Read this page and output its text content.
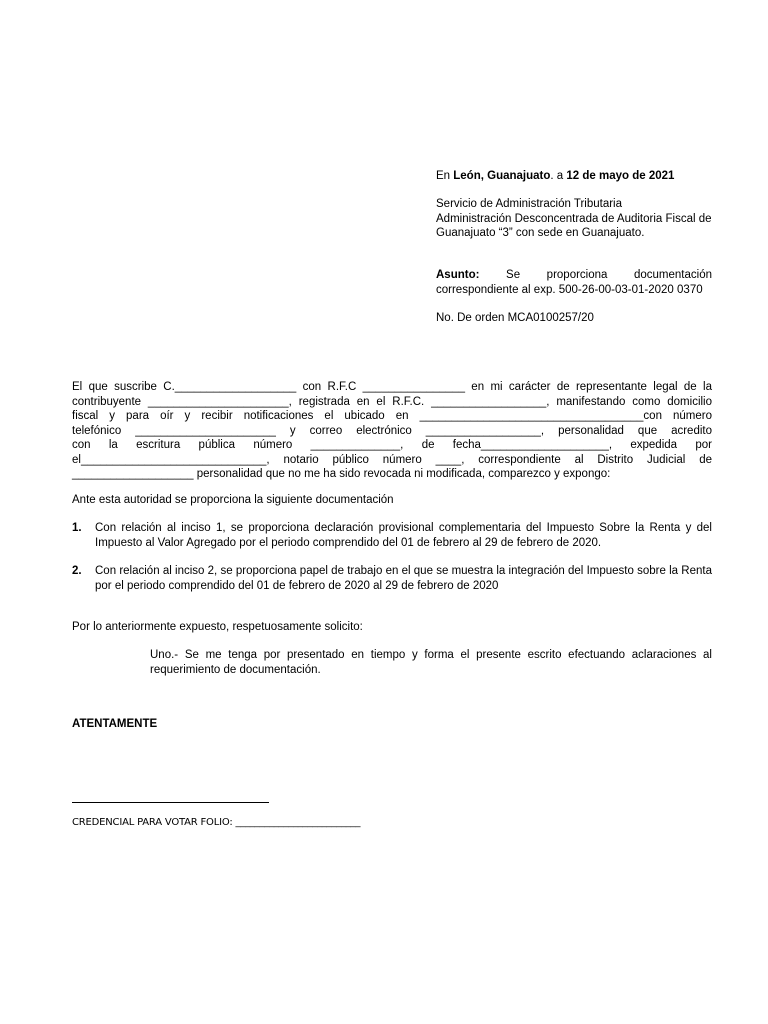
En León, Guanajuato. a 12 de mayo de 2021

Servicio de Administración Tributaria
Administración Desconcentrada de Auditoria Fiscal de
Guanajuato “3” con sede en Guanajuato.

Asunto: Se proporciona documentación correspondiente al exp. 500-26-00-03-01-2020 0370

No. De orden MCA0100257/20

El que suscribe C.___________________ con R.F.C ________________ en mi carácter de representante legal de la
contribuyente ______________________, registrada en el R.F.C. __________________, manifestando como domicilio
fiscal y para oír y recibir notificaciones el ubicado en ___________________________________con número
telefónico ______________________ y correo electrónico __________________, personalidad que acredito
con la escritura pública número ______________, de fecha____________________, expedida por
el_____________________________, notario público número ____, correspondiente al Distrito Judicial de
___________________ personalidad que no me ha sido revocada ni modificada, comparezco y expongo:

Ante esta autoridad se proporciona la siguiente documentación

1. Con relación al inciso 1, se proporciona declaración provisional complementaria del Impuesto Sobre la Renta y del Impuesto al Valor Agregado por el periodo comprendido del 01 de febrero al 29 de febrero de 2020.
2. Con relación al inciso 2, se proporciona papel de trabajo en el que se muestra la integración del Impuesto sobre la Renta por el periodo comprendido del 01 de febrero de 2020 al 29 de febrero de 2020

Por lo anteriormente expuesto, respetuosamente solicito:

Uno.- Se me tenga por presentado en tiempo y forma el presente escrito efectuando aclaraciones al requerimiento de documentación.

ATENTAMENTE

CREDENCIAL PARA VOTAR FOLIO: __________________________
